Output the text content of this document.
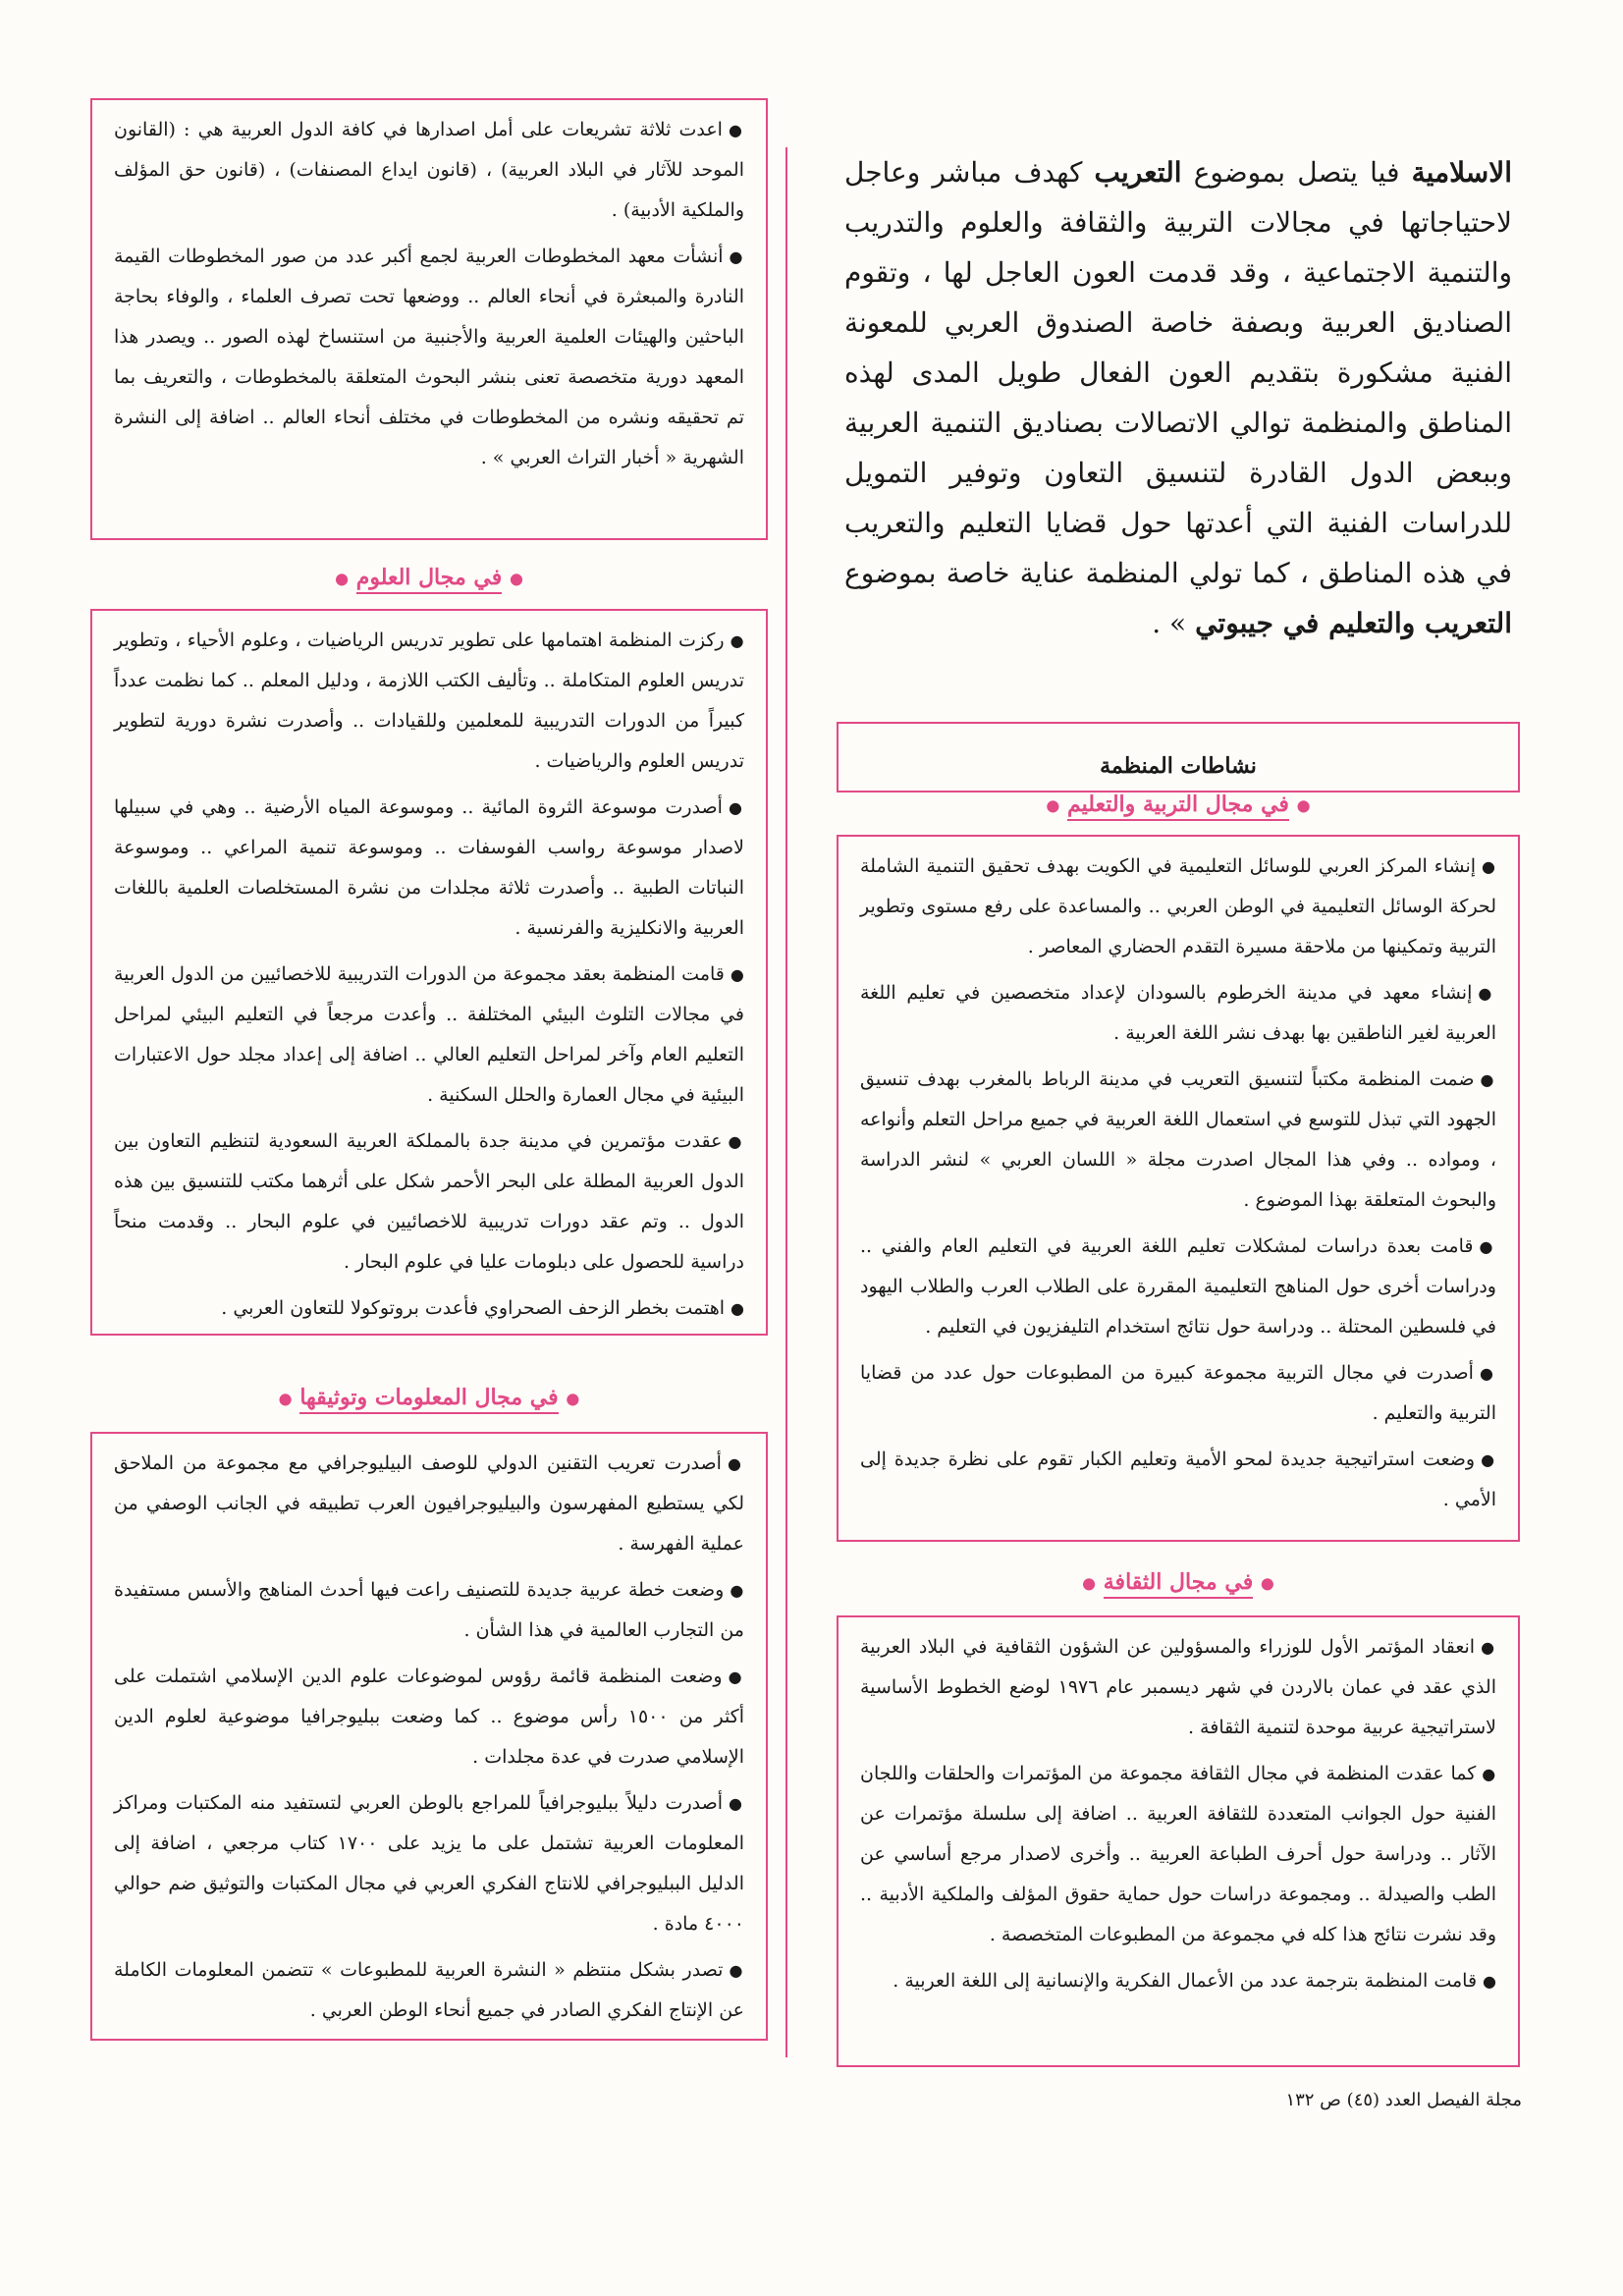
الاسلامية فيا يتصل بموضوع التعريب كهدف مباشر وعاجل لاحتياجاتها في مجالات التربية والثقافة والعلوم والتدريب والتنمية الاجتماعية ، وقد قدمت العون العاجل لها ، وتقوم الصناديق العربية وبصفة خاصة الصندوق العربي للمعونة الفنية مشكورة بتقديم العون الفعال طويل المدى لهذه المناطق والمنظمة توالي الاتصالات بصناديق التنمية العربية وببعض الدول القادرة لتنسيق التعاون وتوفير التمويل للدراسات الفنية التي أعدتها حول قضايا التعليم والتعريب في هذه المناطق ، كما تولي المنظمة عناية خاصة بموضوع التعريب والتعليم في جيبوتي » .

نشاطات المنظمة
● في مجال التربية والتعليم ●

●إنشاء المركز العربي للوسائل التعليمية في الكويت بهدف تحقيق التنمية الشاملة لحركة الوسائل التعليمية في الوطن العربي .. والمساعدة على رفع مستوى وتطوير التربية وتمكينها من ملاحقة مسيرة التقدم الحضاري المعاصر .

●إنشاء معهد في مدينة الخرطوم بالسودان لإعداد متخصصين في تعليم اللغة العربية لغير الناطقين بها بهدف نشر اللغة العربية .

●ضمت المنظمة مكتباً لتنسيق التعريب في مدينة الرباط بالمغرب بهدف تنسيق الجهود التي تبذل للتوسع في استعمال اللغة العربية في جميع مراحل التعلم وأنواعه ، ومواده .. وفي هذا المجال اصدرت مجلة « اللسان العربي » لنشر الدراسة والبحوث المتعلقة بهذا الموضوع .

●قامت بعدة دراسات لمشكلات تعليم اللغة العربية في التعليم العام والفني .. ودراسات أخرى حول المناهج التعليمية المقررة على الطلاب العرب والطلاب اليهود في فلسطين المحتلة .. ودراسة حول نتائج استخدام التليفزيون في التعليم .

●أصدرت في مجال التربية مجموعة كبيرة من المطبوعات حول عدد من قضايا التربية والتعليم .

●وضعت استراتيجية جديدة لمحو الأمية وتعليم الكبار تقوم على نظرة جديدة إلى الأمي .

● في مجال الثقافة ●

●انعقاد المؤتمر الأول للوزراء والمسؤولين عن الشؤون الثقافية في البلاد العربية الذي عقد في عمان بالاردن في شهر ديسمبر عام ١٩٧٦ لوضع الخطوط الأساسية لاستراتيجية عربية موحدة لتنمية الثقافة .

●كما عقدت المنظمة في مجال الثقافة مجموعة من المؤتمرات والحلقات واللجان الفنية حول الجوانب المتعددة للثقافة العربية .. اضافة إلى سلسلة مؤتمرات عن الآثار .. ودراسة حول أحرف الطباعة العربية .. وأخرى لاصدار مرجع أساسي عن الطب والصيدلة .. ومجموعة دراسات حول حماية حقوق المؤلف والملكية الأدبية .. وقد نشرت نتائج هذا كله في مجموعة من المطبوعات المتخصصة .

●قامت المنظمة بترجمة عدد من الأعمال الفكرية والإنسانية إلى اللغة العربية .

●اعدت ثلاثة تشريعات على أمل اصدارها في كافة الدول العربية هي : (القانون الموحد للآثار في البلاد العربية) ، (قانون ايداع المصنفات) ، (قانون حق المؤلف والملكية الأدبية) .

●أنشأت معهد المخطوطات العربية لجمع أكبر عدد من صور المخطوطات القيمة النادرة والمبعثرة في أنحاء العالم .. ووضعها تحت تصرف العلماء ، والوفاء بحاجة الباحثين والهيئات العلمية العربية والأجنبية من استنساخ لهذه الصور .. ويصدر هذا المعهد دورية متخصصة تعنى بنشر البحوث المتعلقة بالمخطوطات ، والتعريف بما تم تحقيقه ونشره من المخطوطات في مختلف أنحاء العالم .. اضافة إلى النشرة الشهرية « أخبار التراث العربي » .

● في مجال العلوم ●

●ركزت المنظمة اهتمامها على تطوير تدريس الرياضيات ، وعلوم الأحياء ، وتطوير تدريس العلوم المتكاملة .. وتأليف الكتب اللازمة ، ودليل المعلم .. كما نظمت عدداً كبيراً من الدورات التدريبية للمعلمين وللقيادات .. وأصدرت نشرة دورية لتطوير تدريس العلوم والرياضيات .

●أصدرت موسوعة الثروة المائية .. وموسوعة المياه الأرضية .. وهي في سبيلها لاصدار موسوعة رواسب الفوسفات .. وموسوعة تنمية المراعي .. وموسوعة النباتات الطبية .. وأصدرت ثلاثة مجلدات من نشرة المستخلصات العلمية باللغات العربية والانكليزية والفرنسية .

●قامت المنظمة بعقد مجموعة من الدورات التدريبية للاخصائيين من الدول العربية في مجالات التلوث البيئي المختلفة .. وأعدت مرجعاً في التعليم البيئي لمراحل التعليم العام وآخر لمراحل التعليم العالي .. اضافة إلى إعداد مجلد حول الاعتبارات البيئية في مجال العمارة والحلل السكنية .

●عقدت مؤتمرين في مدينة جدة بالمملكة العربية السعودية لتنظيم التعاون بين الدول العربية المطلة على البحر الأحمر شكل على أثرهما مكتب للتنسيق بين هذه الدول .. وتم عقد دورات تدريبية للاخصائيين في علوم البحار .. وقدمت منحاً دراسية للحصول على دبلومات عليا في علوم البحار .

●اهتمت بخطر الزحف الصحراوي فأعدت بروتوكولا للتعاون العربي .

● في مجال المعلومات وتوثيقها ●

●أصدرت تعريب التقنين الدولي للوصف البيليوجرافي مع مجموعة من الملاحق لكي يستطيع المفهرسون والبيليوجرافيون العرب تطبيقه في الجانب الوصفي من عملية الفهرسة .

●وضعت خطة عربية جديدة للتصنيف راعت فيها أحدث المناهج والأسس مستفيدة من التجارب العالمية في هذا الشأن .

●وضعت المنظمة قائمة رؤوس لموضوعات علوم الدين الإسلامي اشتملت على أكثر من ١٥٠٠ رأس موضوع .. كما وضعت ببليوجرافيا موضوعية لعلوم الدين الإسلامي صدرت في عدة مجلدات .

●أصدرت دليلاً ببليوجرافياً للمراجع بالوطن العربي لتستفيد منه المكتبات ومراكز المعلومات العربية تشتمل على ما يزيد على ١٧٠٠ كتاب مرجعي ، اضافة إلى الدليل الببليوجرافي للانتاج الفكري العربي في مجال المكتبات والتوثيق ضم حوالي ٤٠٠٠ مادة .

●تصدر بشكل منتظم « النشرة العربية للمطبوعات » تتضمن المعلومات الكاملة عن الإنتاج الفكري الصادر في جميع أنحاء الوطن العربي .

مجلة الفيصل العدد (٤٥) ص ١٣٢
